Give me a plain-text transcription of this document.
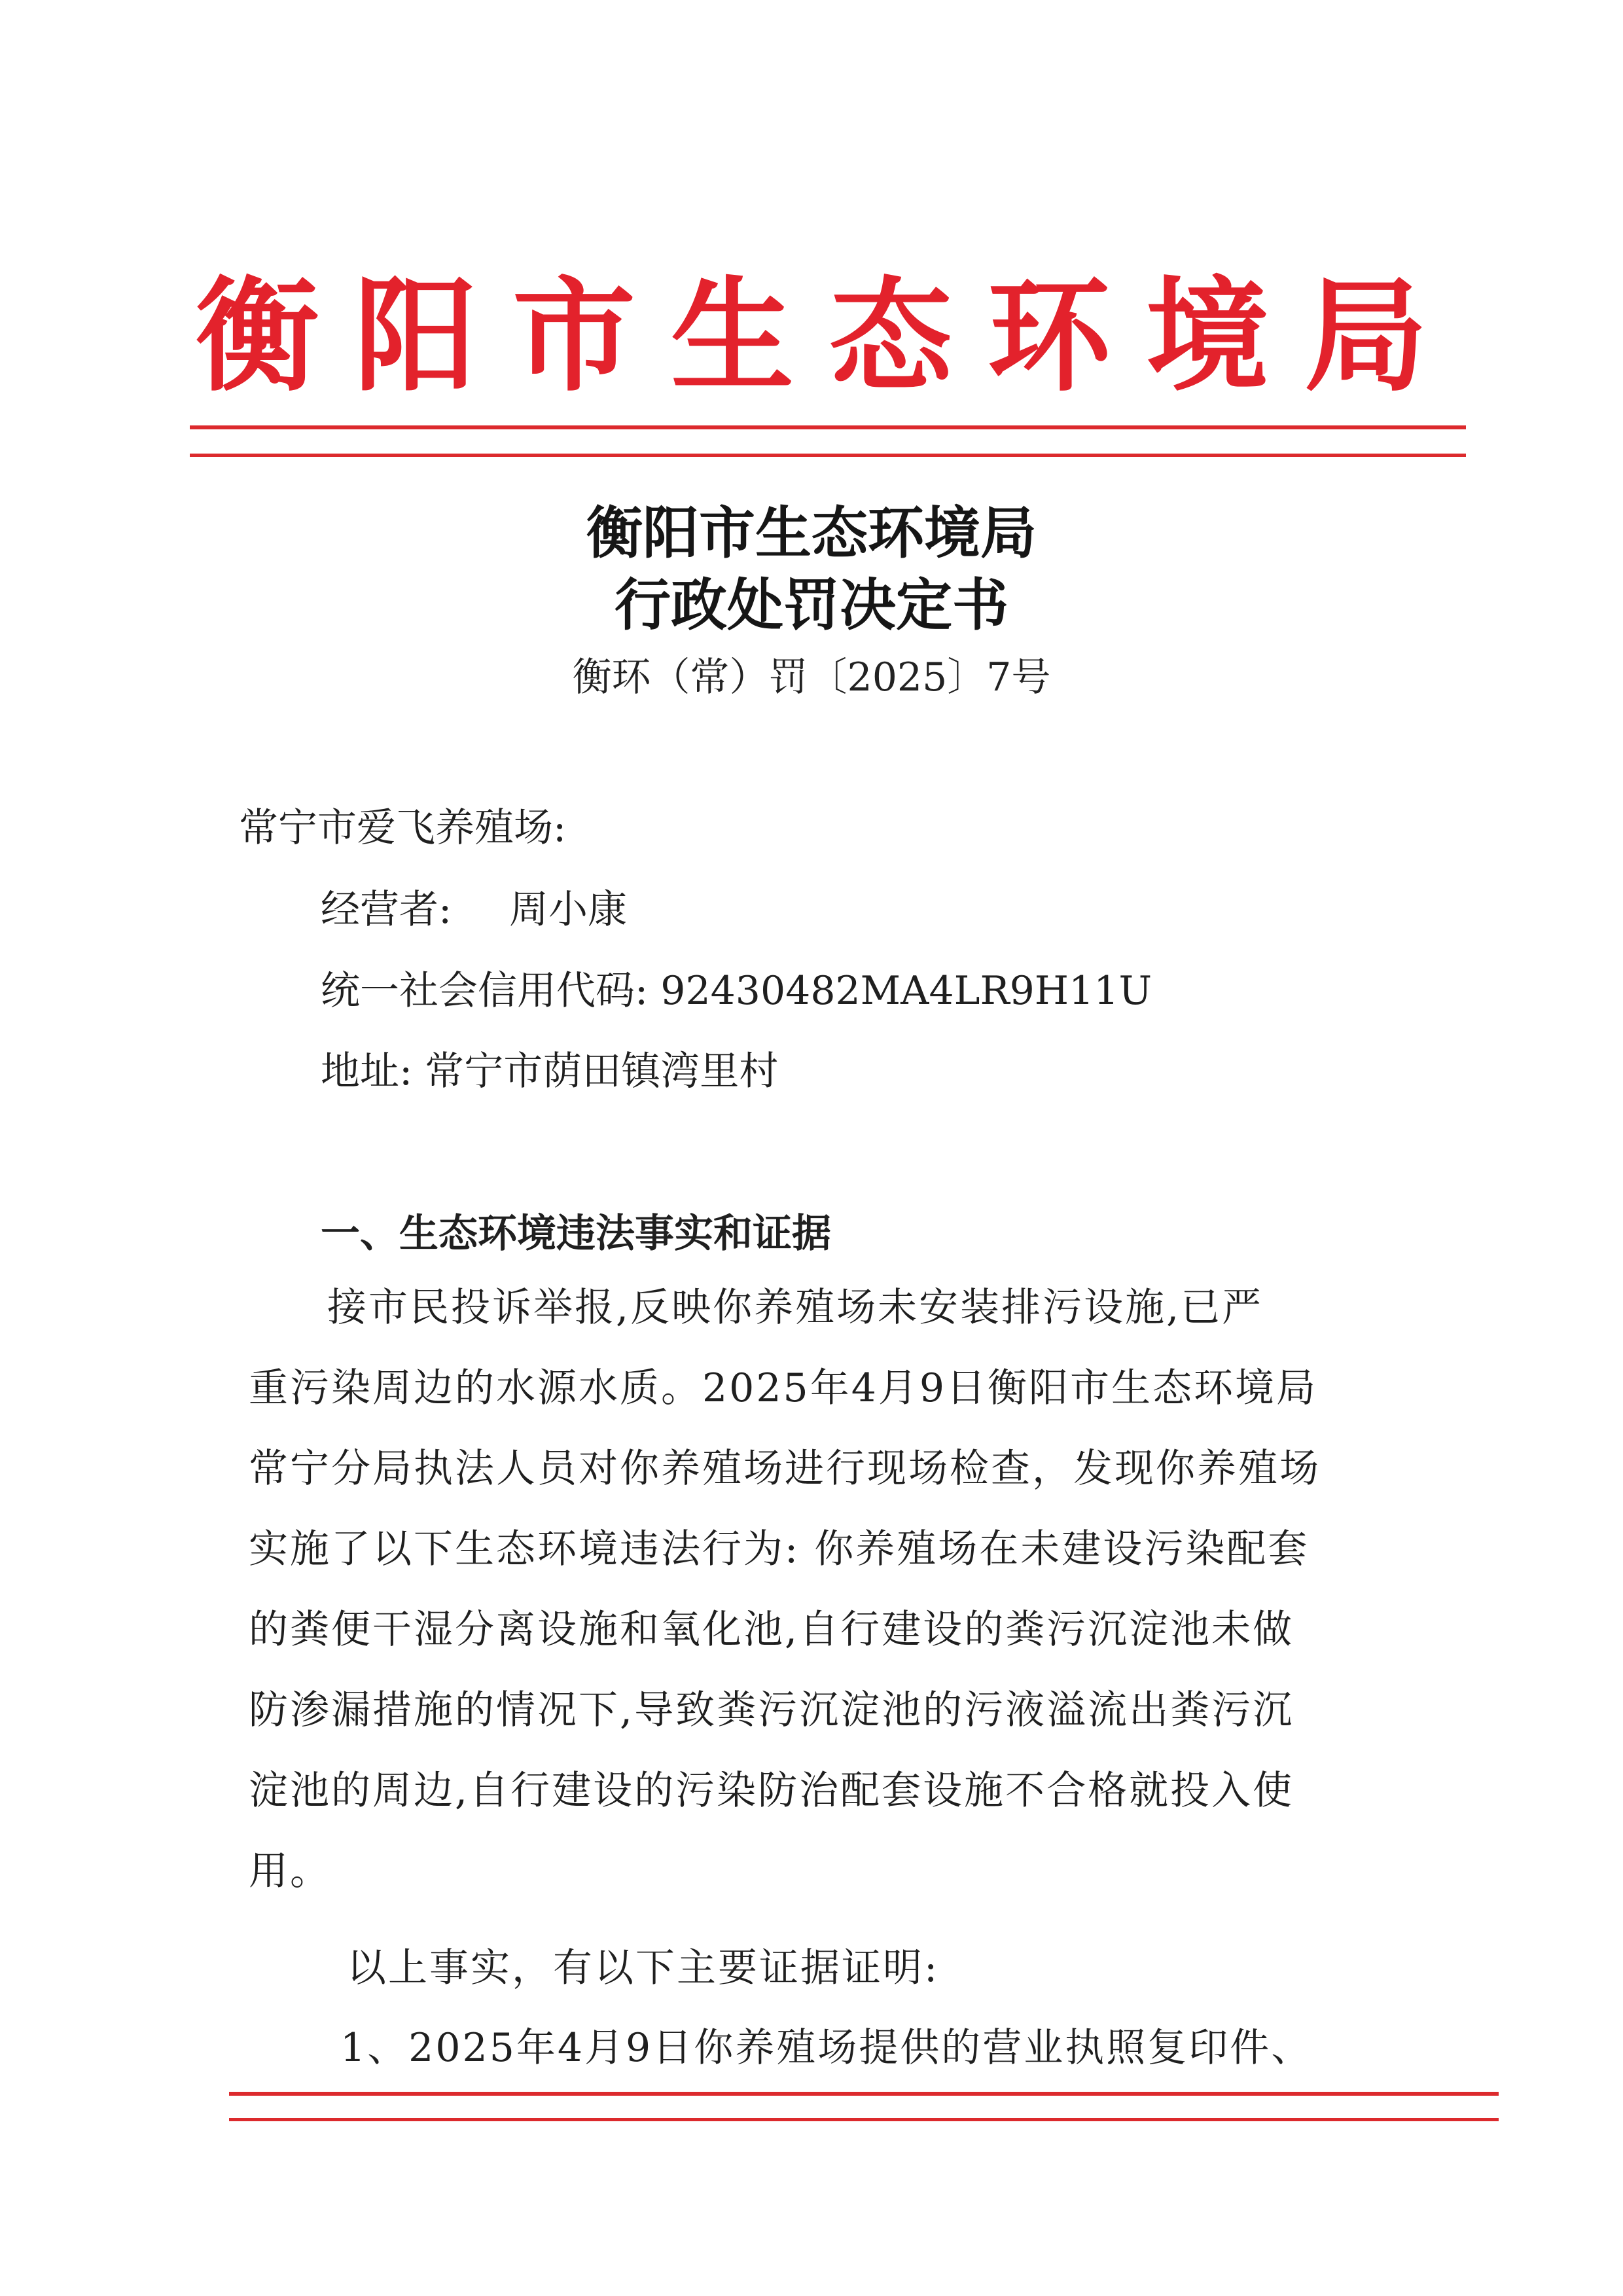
衡阳市生态环境局
衡阳市生态环境局
行政处罚决定书
衡环（常）罚〔2025〕7号
常宁市爱飞养殖场:
经营者: 周小康
统一社会信用代码: 92430482MA4LR9H11U
地址: 常宁市荫田镇湾里村
一、生态环境违法事实和证据
接市民投诉举报,反映你养殖场未安装排污设施,已严
重污染周边的水源水质。2025年4月9日衡阳市生态环境局
常宁分局执法人员对你养殖场进行现场检查，发现你养殖场
实施了以下生态环境违法行为: 你养殖场在未建设污染配套
的粪便干湿分离设施和氧化池,自行建设的粪污沉淀池未做
防渗漏措施的情况下,导致粪污沉淀池的污液溢流出粪污沉
淀池的周边,自行建设的污染防治配套设施不合格就投入使
用。
以上事实，有以下主要证据证明:
1、2025年4月9日你养殖场提供的营业执照复印件、
